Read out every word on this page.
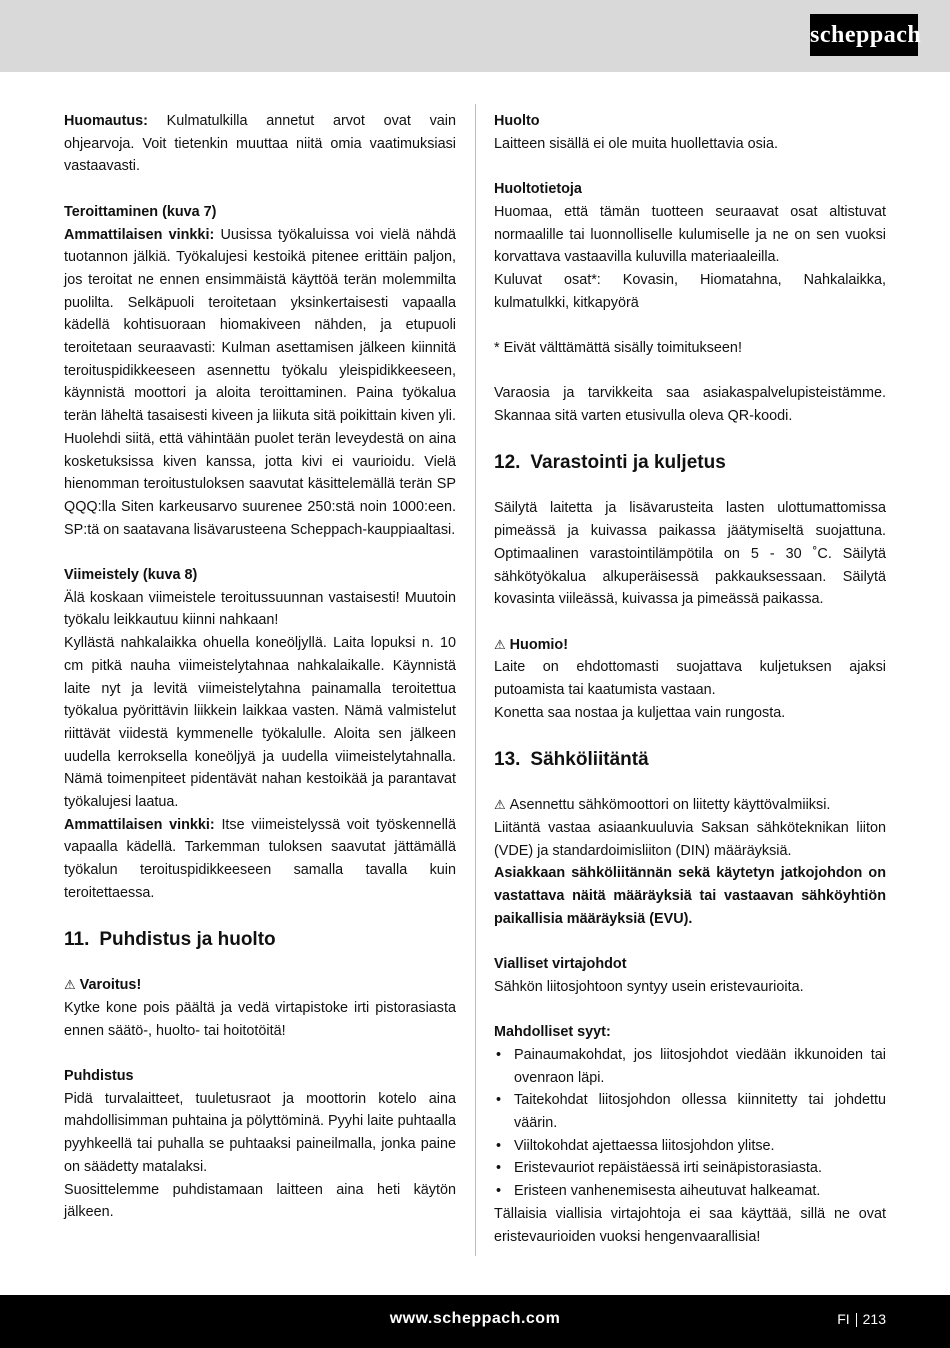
scheppach

Huomautus: Kulmatulkilla annetut arvot ovat vain ohjearvoja. Voit tietenkin muuttaa niitä omia vaatimuksiasi vastaavasti.

Teroittaminen (kuva 7)

Ammattilaisen vinkki: Uusissa työkaluissa voi vielä nähdä tuotannon jälkiä. Työkalujesi kestoikä pitenee erittäin paljon, jos teroitat ne ennen ensimmäistä käyttöä terän molemmilta puolilta. Selkäpuoli teroitetaan yksinkertaisesti vapaalla kädellä kohtisuoraan hiomakiveen nähden, ja etupuoli teroitetaan seuraavasti: Kulman asettamisen jälkeen kiinnitä teroituspidikkeeseen asennettu työkalu yleispidikkeeseen, käynnistä moottori ja aloita teroittaminen. Paina työkalua terän läheltä tasaisesti kiveen ja liikuta sitä poikittain kiven yli. Huolehdi siitä, että vähintään puolet terän leveydestä on aina kosketuksissa kiven kanssa, jotta kivi ei vaurioidu. Vielä hienomman teroitustuloksen saavutat käsittelemällä terän SP QQQ:lla Siten karkeusarvo suurenee 250:stä noin 1000:een. SP:tä on saatavana lisävarusteena Scheppach-kauppiaaltasi.

Viimeistely (kuva 8)

Älä koskaan viimeistele teroitussuunnan vastaisesti! Muutoin työkalu leikkautuu kiinni nahkaan!

Kyllästä nahkalaikka ohuella koneöljyllä. Laita lopuksi n. 10 cm pitkä nauha viimeistelytahnaa nahkalaikalle. Käynnistä laite nyt ja levitä viimeistelytahna painamalla teroitettua työkalua pyörittävin liikkein laikkaa vasten. Nämä valmistelut riittävät viidestä kymmenelle työkalulle. Aloita sen jälkeen uudella kerroksella koneöljyä ja uudella viimeistelytahnalla. Nämä toimenpiteet pidentävät nahan kestoikää ja parantavat työkalujesi laatua.

Ammattilaisen vinkki: Itse viimeistelyssä voit työskennellä vapaalla kädellä. Tarkemman tuloksen saavutat jättämällä työkalun teroituspidikkeeseen samalla tavalla kuin teroitettaessa.

11. Puhdistus ja huolto

⚠ Varoitus!

Kytke kone pois päältä ja vedä virtapistoke irti pistorasiasta ennen säätö-, huolto- tai hoitotöitä!

Puhdistus

Pidä turvalaitteet, tuuletusraot ja moottorin kotelo aina mahdollisimman puhtaina ja pölyttöminä. Pyyhi laite puhtaalla pyyhkeellä tai puhalla se puhtaaksi paineilmalla, jonka paine on säädetty matalaksi.

Suosittelemme puhdistamaan laitteen aina heti käytön jälkeen.

Huolto

Laitteen sisällä ei ole muita huollettavia osia.

Huoltotietoja

Huomaa, että tämän tuotteen seuraavat osat altistuvat normaalille tai luonnolliselle kulumiselle ja ne on sen vuoksi korvattava vastaavilla kuluvilla materiaaleilla.

Kuluvat osat*: Kovasin, Hiomatahna, Nahkalaikka, kulmatulkki, kitkapyörä

* Eivät välttämättä sisälly toimitukseen!

Varaosia ja tarvikkeita saa asiakaspalvelupisteistämme. Skannaa sitä varten etusivulla oleva QR-koodi.

12. Varastointi ja kuljetus

Säilytä laitetta ja lisävarusteita lasten ulottumattomissa pimeässä ja kuivassa paikassa jäätymiseltä suojattuna. Optimaalinen varastointilämpötila on 5 - 30 ˚C. Säilytä sähkötyökalua alkuperäisessä pakkauksessaan. Säilytä kovasinta viileässä, kuivassa ja pimeässä paikassa.

⚠ Huomio!

Laite on ehdottomasti suojattava kuljetuksen ajaksi putoamista tai kaatumista vastaan.

Konetta saa nostaa ja kuljettaa vain rungosta.

13. Sähköliitäntä

⚠ Asennettu sähkömoottori on liitetty käyttövalmiiksi.

Liitäntä vastaa asiaankuuluvia Saksan sähköteknikan liiton (VDE) ja standardoimisliiton (DIN) määräyksiä.

Asiakkaan sähköliitännän sekä käytetyn jatkojohdon on vastattava näitä määräyksiä tai vastaavan sähköyhtiön paikallisia määräyksiä (EVU).

Vialliset virtajohdot

Sähkön liitosjohtoon syntyy usein eristevaurioita.

Mahdolliset syyt:

• Painaumakohdat, jos liitosjohdot viedään ikkunoiden tai ovenraon läpi.
• Taitekohdat liitosjohdon ollessa kiinnitetty tai johdettu väärin.
• Viiltokohdat ajettaessa liitosjohdon ylitse.
• Eristevauriot repäistäessä irti seinäpistorasiasta.
• Eristeen vanhenemisesta aiheutuvat halkeamat.

Tällaisia viallisia virtajohtoja ei saa käyttää, sillä ne ovat eristevaurioiden vuoksi hengenvaarallisia!

www.scheppach.com	FI 213
